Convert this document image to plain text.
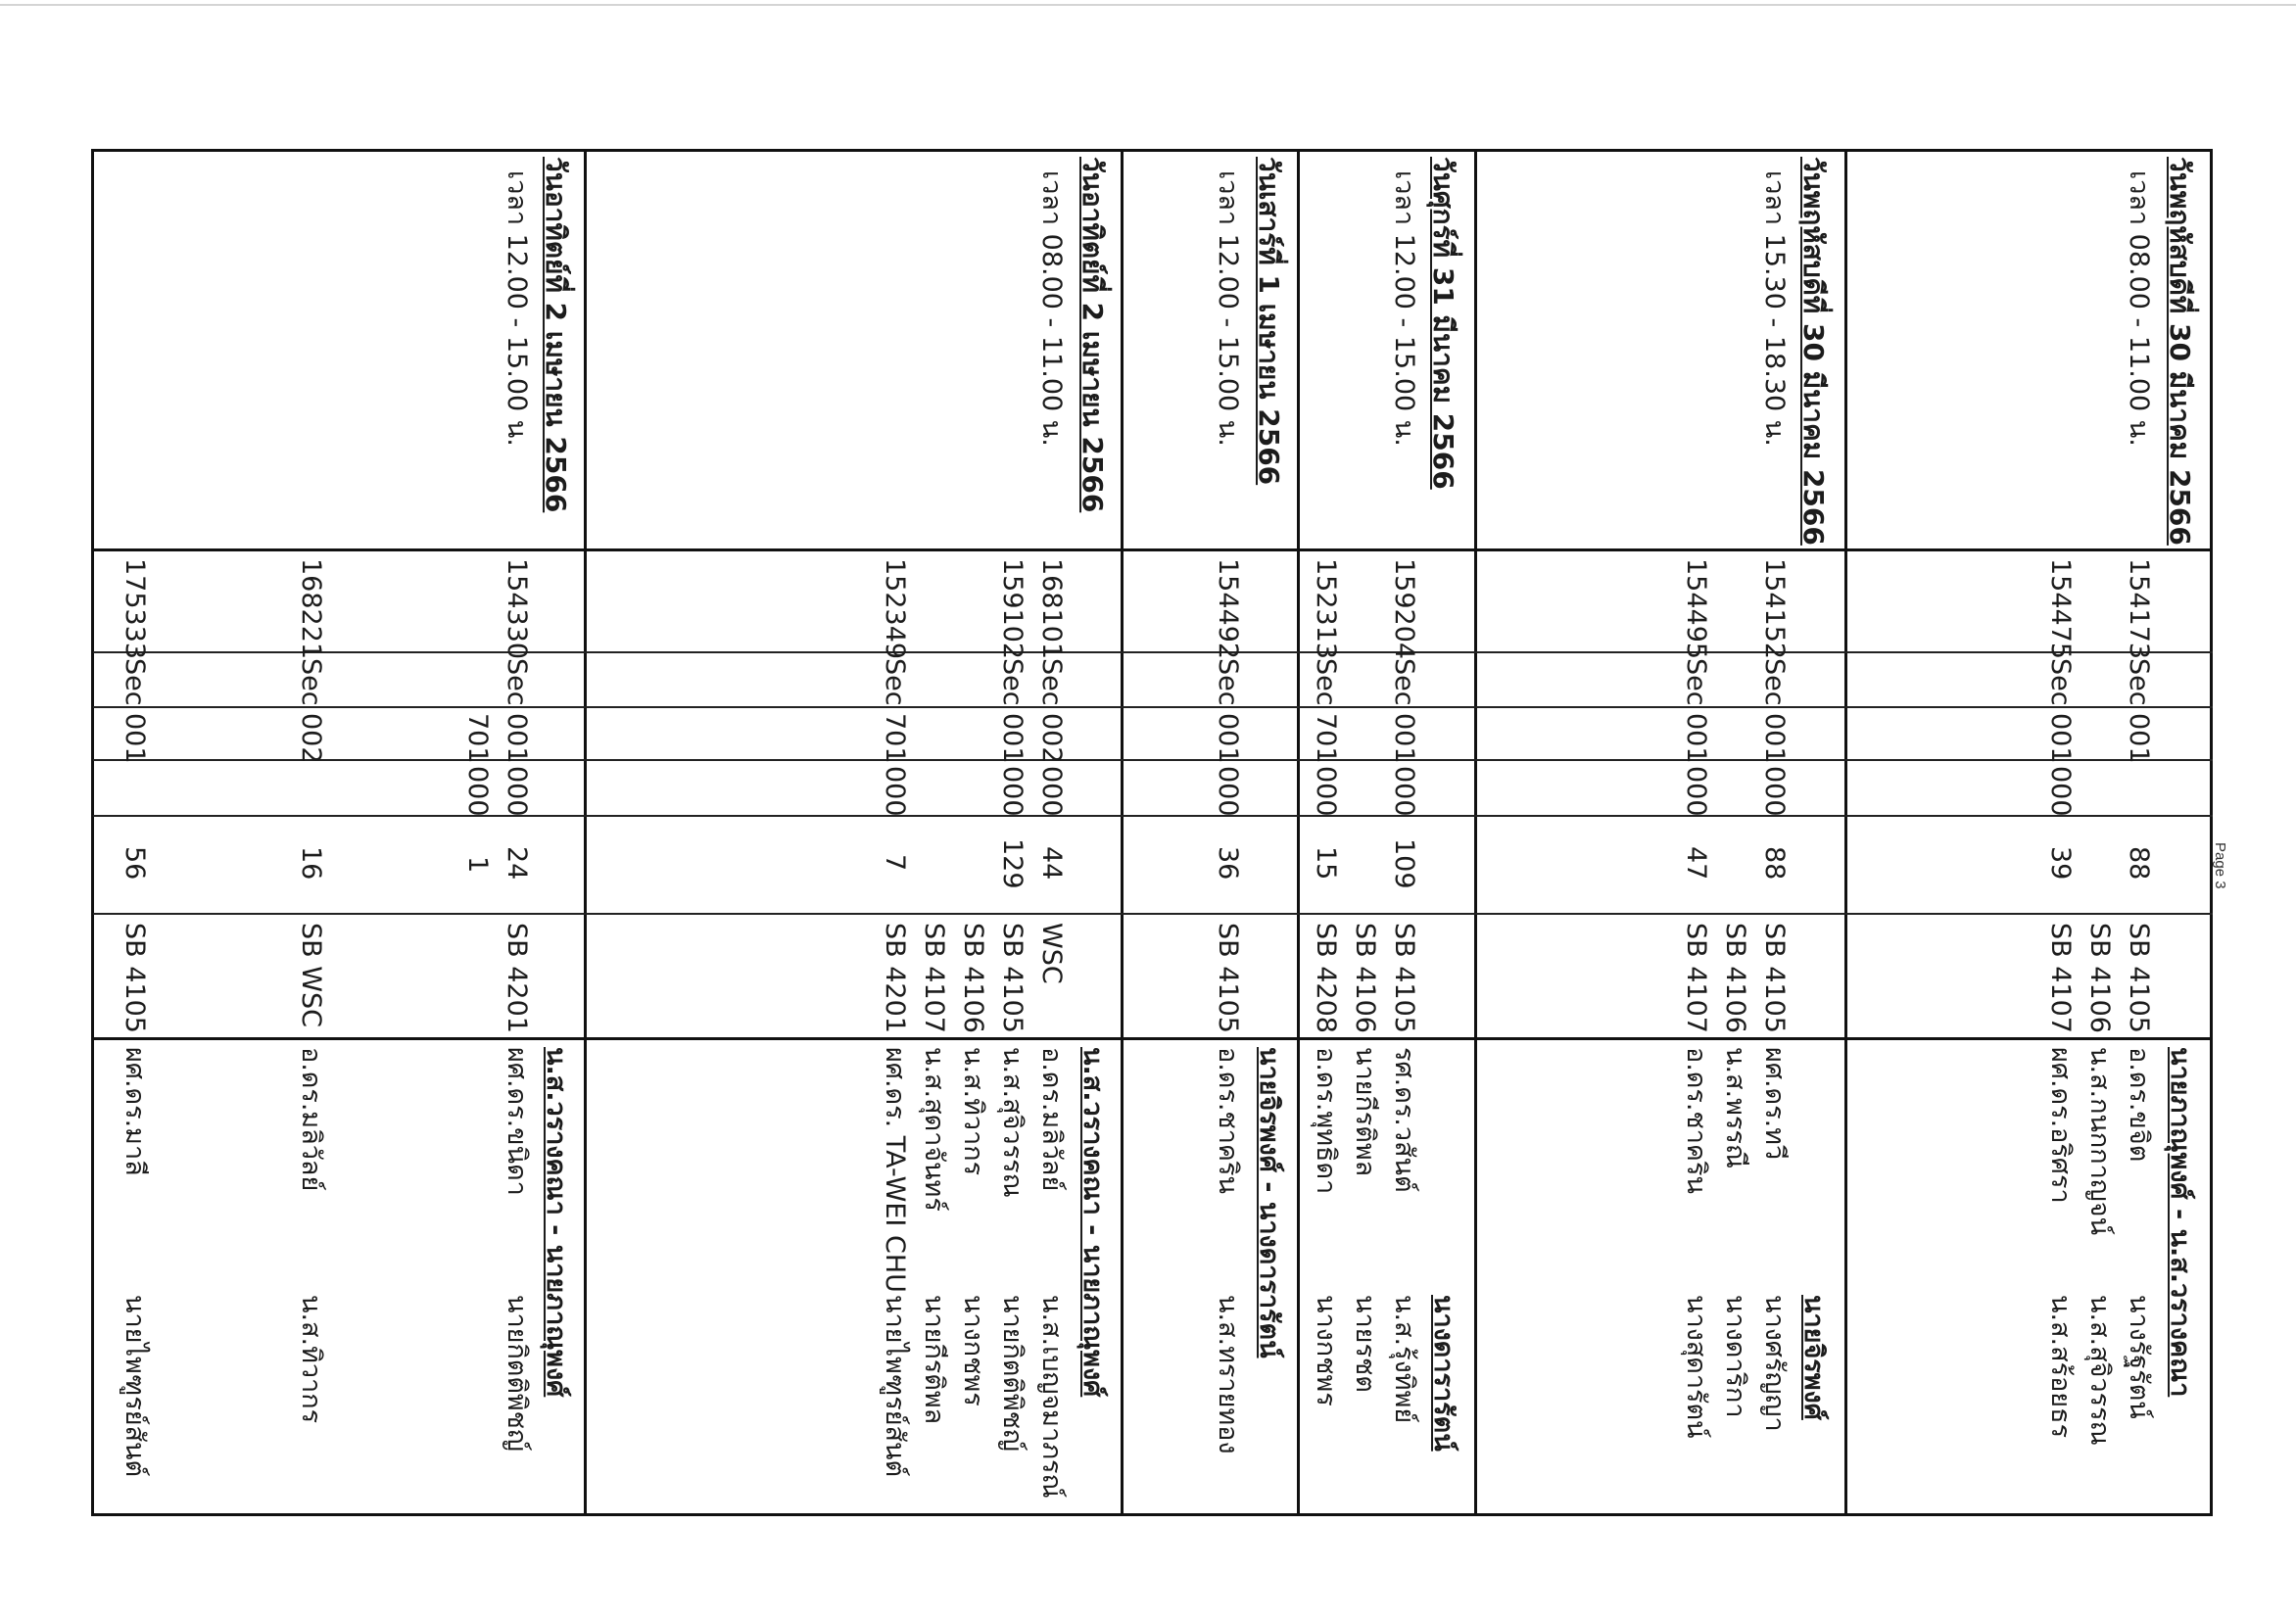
Page 3
วันพฤหัสบดีที่ 30 มีนาคม 2566
เวลา 08.00 - 11.00 น.
นายภาณุพงศ์ - น.ส.วรางคณา
154173
Sec
001
88
SB 4105
อ.ดร.ขจิต
นางรัฐรัตน์
SB 4106
น.ส.กนกกาญจน์
น.ส.สุจิวรรณ
154475
Sec
001
000
39
SB 4107
ผศ.ดร.อริศรา
น.ส.สร้อยธร
วันพฤหัสบดีที่ 30 มีนาคม 2566
เวลา 15.30 - 18.30 น.
นายจิรพงศ์
154152
Sec
001
000
88
SB 4105
ผศ.ดร.ทวี
นางศรัญญา
SB 4106
น.ส.พรรณี
นางดาริกา
154495
Sec
001
000
47
SB 4107
อ.ดร.ชาคริน
นางสุดารัตน์
วันศุกร์ที่ 31 มีนาคม 2566
เวลา 12.00 - 15.00 น.
นางดารารัตน์
159204
Sec
001
000
109
SB 4105
รศ.ดร.วสันต์
น.ส.รุ้งทิพย์
SB 4106
นายกีรติพล
นายรชต
152313
Sec
701
000
15
SB 4208
อ.ดร.พุทธิดา
นางกชพร
วันเสาร์ที่ 1 เมษายน 2566
เวลา 12.00 - 15.00 น.
นายจิรพงศ์ - นางดารารัตน์
154492
Sec
001
000
36
SB 4105
อ.ดร.ชาคริน
น.ส.ทรายทอง
วันอาทิตย์ที่ 2 เมษายน 2566
เวลา 08.00 - 11.00 น.
น.ส.วรางคณา - นายภาณุพงศ์
168101
Sec
002
000
44
WSC
อ.ดร.มลิวัลย์
น.ส.เบญจมาภรณ์
159102
Sec
001
000
129
SB 4105
น.ส.สุจิวรรณ
นายกิตติพิชญ์
SB 4106
น.ส.ทิวากร
นางกชพร
SB 4107
น.ส.สุดาจันทร์
นายกีรติพล
152349
Sec
701
000
7
SB 4201
ผศ.ดร. TA-WEI CHU
นายไพฑูรย์สันต์
วันอาทิตย์ที่ 2 เมษายน 2566
เวลา 12.00 - 15.00 น.
น.ส.วรางคณา - นายภาณุพงศ์
154330
Sec
001
000
24
SB 4201
ผศ.ดร.ขนิดา
นายกิตติพิชญ์
701
000
1
168221
Sec
002
16
SB WSC
อ.ดร.มลิวัลย์
น.ส.ทิวากร
175333
Sec
001
56
SB 4105
ผศ.ดร.มาลี
นายไพฑูรย์สันต์
